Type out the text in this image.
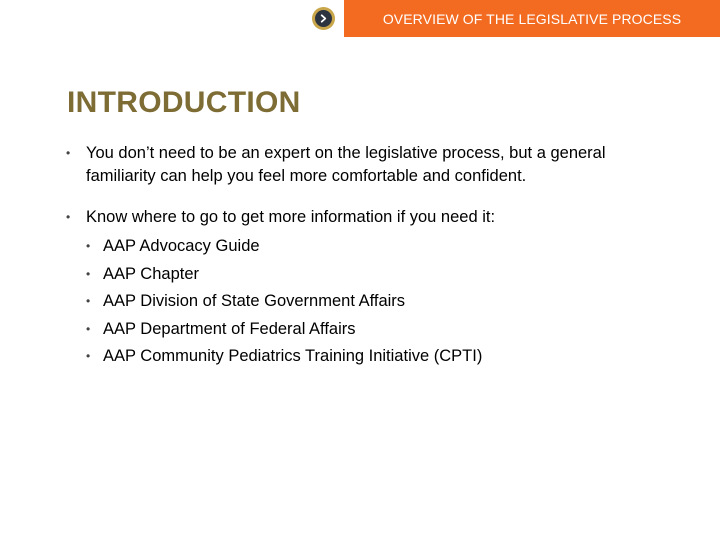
OVERVIEW OF THE LEGISLATIVE PROCESS
INTRODUCTION
• You don’t need to be an expert on the legislative process, but a general familiarity can help you feel more comfortable and confident.
• Know where to go to get more information if you need it:
• AAP Advocacy Guide
• AAP Chapter
• AAP Division of State Government Affairs
• AAP Department of Federal Affairs
• AAP Community Pediatrics Training Initiative (CPTI)
